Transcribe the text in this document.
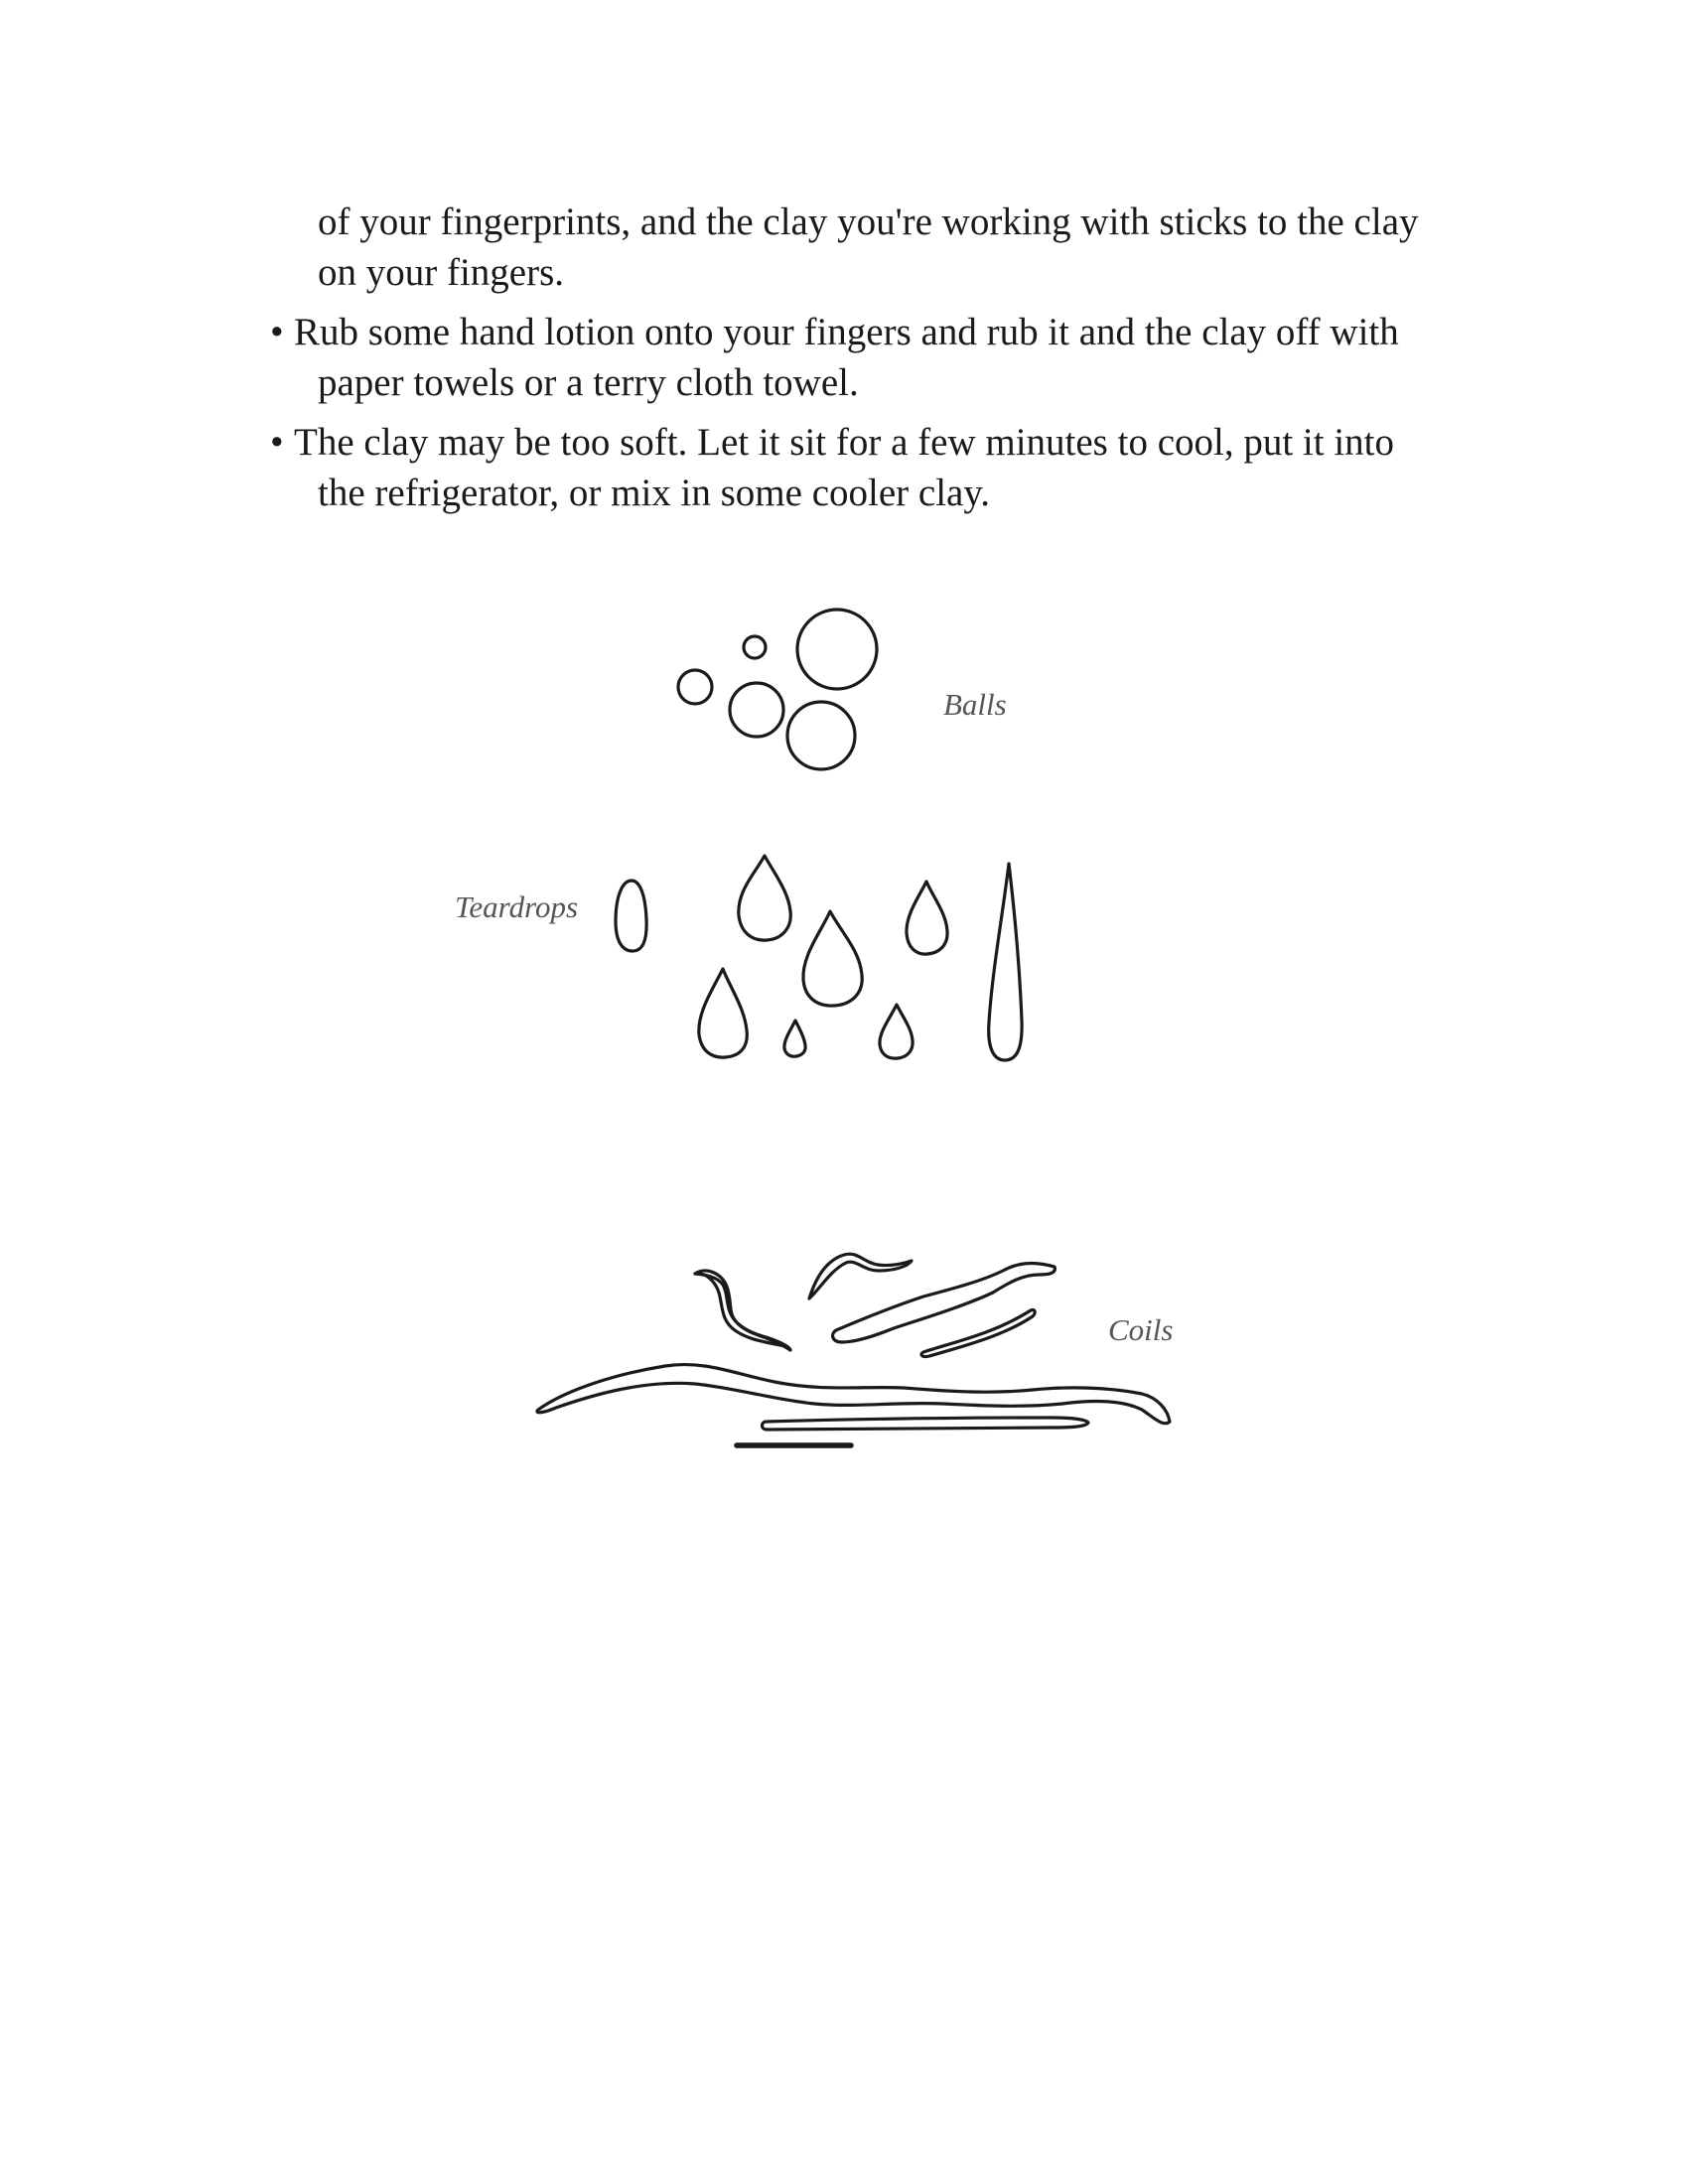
of your fingerprints, and the clay you're working with sticks to the clay on your fingers.

• Rub some hand lotion onto your fingers and rub it and the clay off with paper towels or a terry cloth towel.

• The clay may be too soft. Let it sit for a few minutes to cool, put it into the refrigerator, or mix in some cooler clay.

Balls
Teardrops
Coils
